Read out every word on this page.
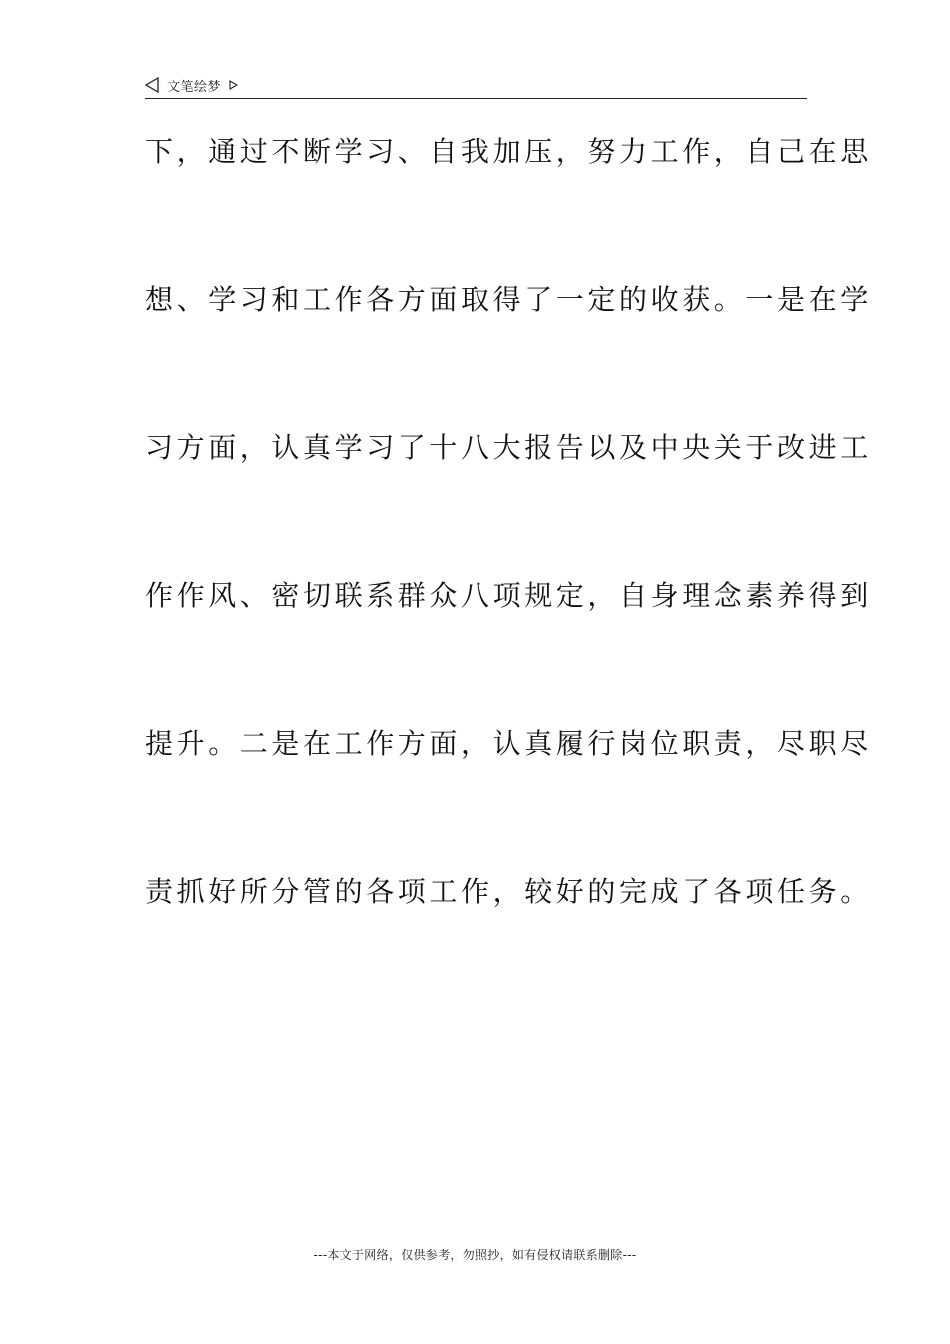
文笔绘梦
下，通过不断学习、自我加压，努力工作，自己在思
想、学习和工作各方面取得了一定的收获。一是在学
习方面，认真学习了十八大报告以及中央关于改进工
作作风、密切联系群众八项规定，自身理念素养得到
提升。二是在工作方面，认真履行岗位职责，尽职尽
责抓好所分管的各项工作，较好的完成了各项任务。
---本文于网络，仅供参考，勿照抄，如有侵权请联系删除---
